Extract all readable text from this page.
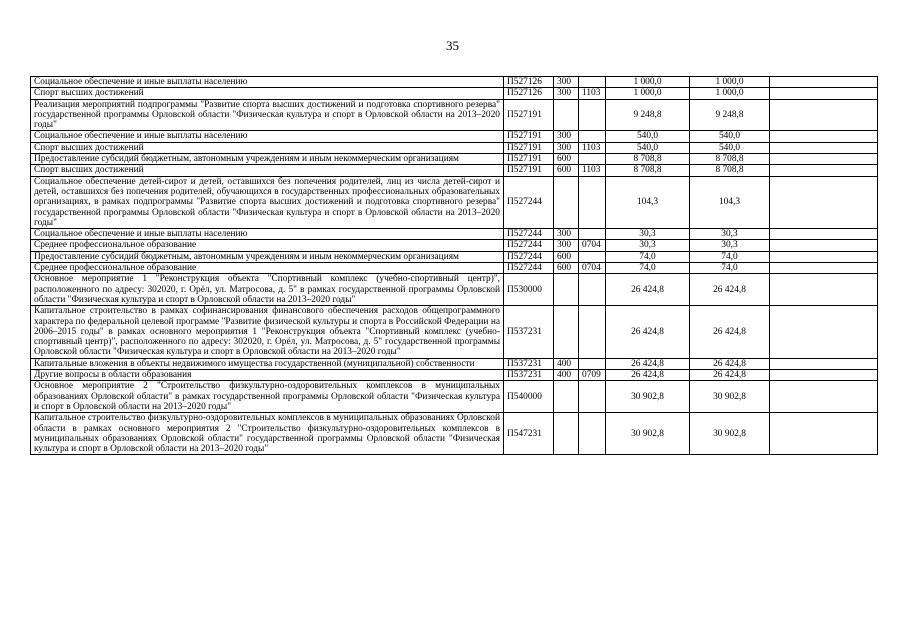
35
Социальное обеспечение и иные выплаты населению	П527126	300		1 000,0	1 000,0	
Спорт высших достижений	П527126	300	1103	1 000,0	1 000,0	
Реализация мероприятий подпрограммы "Развитие спорта высших достижений и подготовка спортивного резерва" государственной программы Орловской области "Физическая культура и спорт в Орловской области на 2013–2020 годы"	П527191			9 248,8	9 248,8	
Социальное обеспечение и иные выплаты населению	П527191	300		540,0	540,0	
Спорт высших достижений	П527191	300	1103	540,0	540,0	
Предоставление субсидий бюджетным, автономным учреждениям и иным некоммерческим организациям	П527191	600		8 708,8	8 708,8	
Спорт высших достижений	П527191	600	1103	8 708,8	8 708,8	
Социальное обеспечение детей-сирот и детей, оставшихся без попечения родителей, лиц из числа детей-сирот и детей, оставшихся без попечения родителей, обучающихся в государственных профессиональных образовательных организациях, в рамках подпрограммы "Развитие спорта высших достижений и подготовка спортивного резерва" государственной программы Орловской области "Физическая культура и спорт в Орловской области на 2013–2020 годы"	П527244			104,3	104,3	
Социальное обеспечение и иные выплаты населению	П527244	300		30,3	30,3	
Среднее профессиональное образование	П527244	300	0704	30,3	30,3	
Предоставление субсидий бюджетным, автономным учреждениям и иным некоммерческим организациям	П527244	600		74,0	74,0	
Среднее профессиональное образование	П527244	600	0704	74,0	74,0	
Основное мероприятие 1 "Реконструкция объекта "Спортивный комплекс (учебно-спортивный центр)", расположенного по адресу: 302020, г. Орёл, ул. Матросова, д. 5" в рамках государственной программы Орловской области "Физическая культура и спорт в Орловской области на 2013–2020 годы"	П530000			26 424,8	26 424,8	
Капитальное строительство в рамках софинансирования финансового обеспечения расходов общепрограммного характера по федеральной целевой программе "Развитие физической культуры и спорта в Российской Федерации на 2006–2015 годы" в рамках основного мероприятия 1 "Реконструкция объекта "Спортивный комплекс (учебно-спортивный центр)", расположенного по адресу: 302020, г. Орёл, ул. Матросова, д. 5" государственной программы Орловской области "Физическая культура и спорт в Орловской области на 2013–2020 годы"	П537231			26 424,8	26 424,8	
Капитальные вложения в объекты недвижимого имущества государственной (муниципальной) собственности	П537231	400		26 424,8	26 424,8	
Другие вопросы в области образования	П537231	400	0709	26 424,8	26 424,8	
Основное мероприятие 2 "Строительство физкультурно-оздоровительных комплексов в муниципальных образованиях Орловской области" в рамках государственной программы Орловской области "Физическая культура и спорт в Орловской области на 2013–2020 годы"	П540000			30 902,8	30 902,8	
Капитальное строительство физкультурно-оздоровительных комплексов в муниципальных образованиях Орловской области в рамках основного мероприятия 2 "Строительство физкультурно-оздоровительных комплексов в муниципальных образованиях Орловской области" государственной программы Орловской области "Физическая культура и спорт в Орловской области на 2013–2020 годы"	П547231			30 902,8	30 902,8	
